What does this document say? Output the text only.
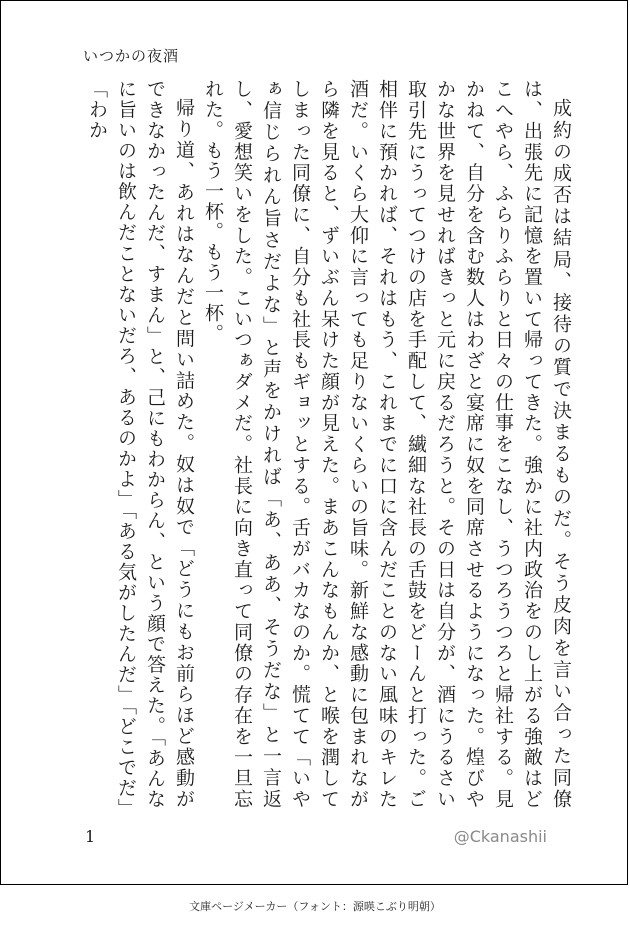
いつかの夜酒

成約の成否は結局、接待の質で決まるものだ。そう皮肉を言い合った同僚は、出張先に記憶を置いて帰ってきた。強かに社内政治をのし上がる強敵はどこへやら、ふらりふらりと日々の仕事をこなし、うつろうつろと帰社する。見かねて、自分を含む数人はわざと宴席に奴を同席させるようになった。煌びやかな世界を見せればきっと元に戻るだろうと。その日は自分が、酒にうるさい取引先にうってつけの店を手配して、繊細な社長の舌鼓をどーんと打った。ご相伴に預かれば、それはもう、これまでに口に含んだことのない風味のキレた酒だ。いくら大仰に言っても足りないくらいの旨味。新鮮な感動に包まれながら隣を見ると、ずいぶん呆けた顔が見えた。まあこんなもんか、と喉を潤してしまった同僚に、自分も社長もギョッとする。舌がバカなのか。慌てて「いやぁ信じられん旨さだよな」と声をかければ「あ、ああ、そうだな」と一言返し、愛想笑いをした。こいつぁダメだ。社長に向き直って同僚の存在を一旦忘れた。もう一杯。もう一杯。

帰り道、あれはなんだと問い詰めた。奴は奴で「どうにもお前らほど感動ができなかったんだ、すまん」と、己にもわからん、という顔で答えた。「あんなに旨いのは飲んだことないだろ、あるのかよ」「ある気がしたんだ」「どこでだ」「わか

1	@Ckanashii
文庫ページメーカー（フォント：源暎こぶり明朝）
